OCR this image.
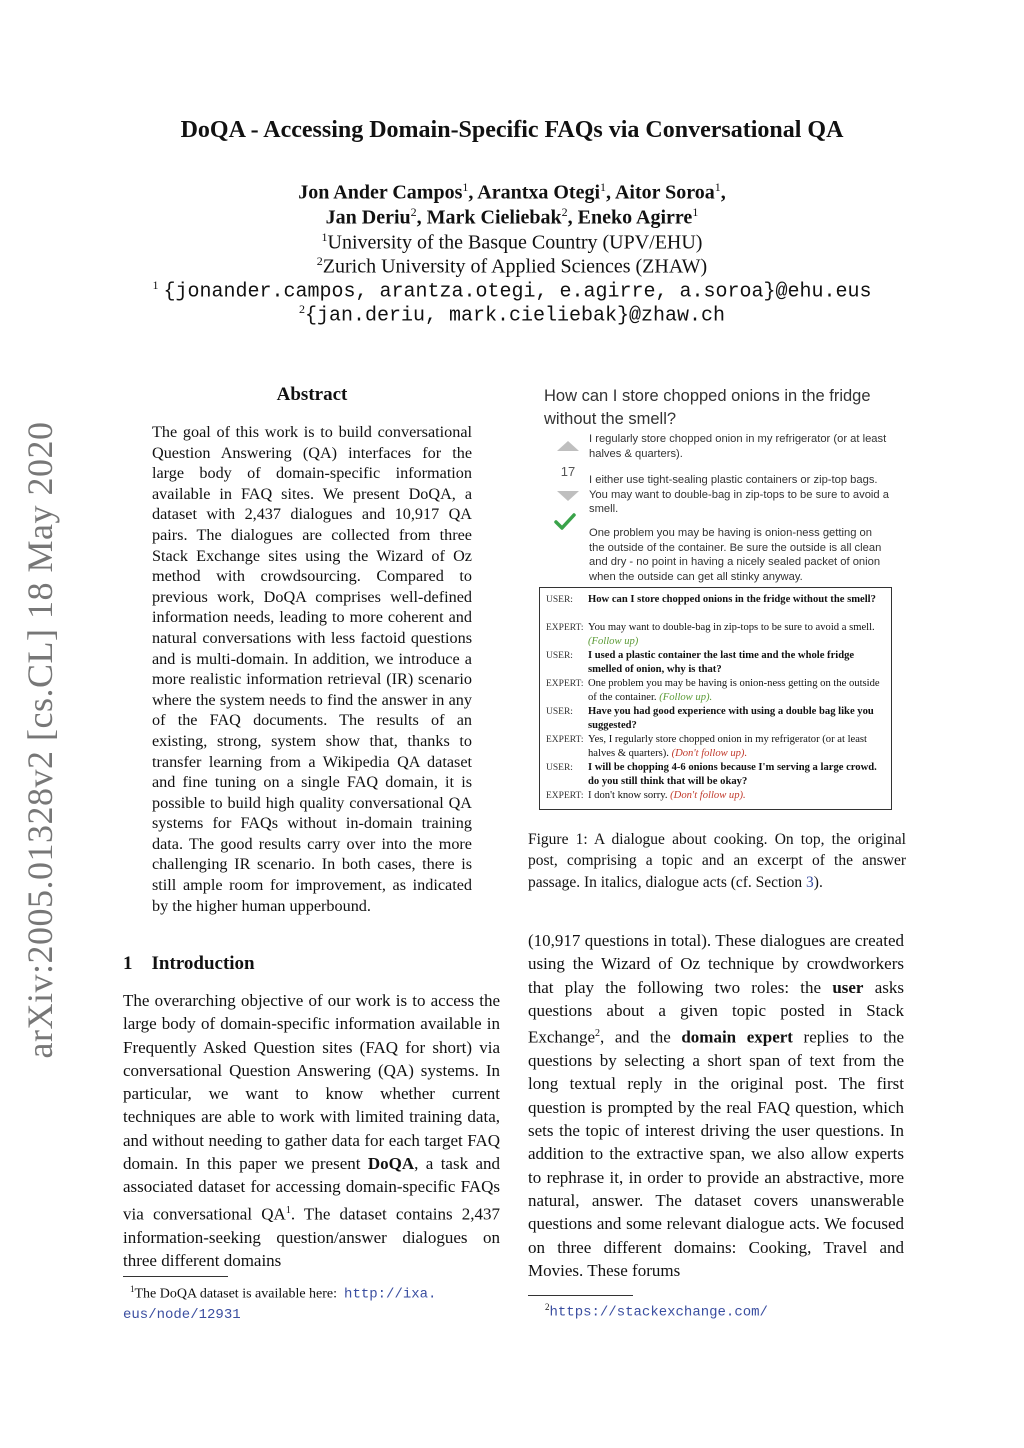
arXiv:2005.01328v2 [cs.CL] 18 May 2020
DoQA - Accessing Domain-Specific FAQs via Conversational QA
Jon Ander Campos$^1$, Arantxa Otegi$^1$, Aitor Soroa$^1$,
Jan Deriu$^2$, Mark Cieliebak$^2$, Eneko Agirre$^1$
$^1$University of the Basque Country (UPV/EHU)
$^2$Zurich University of Applied Sciences (ZHAW)
$^1$ {jonander.campos, arantza.otegi, e.agirre, a.soroa}@ehu.eus
$^2${jan.deriu, mark.cieliebak}@zhaw.ch
Abstract

The goal of this work is to build conversational Question Answering (QA) interfaces for the large body of domain-specific information available in FAQ sites. We present DoQA, a dataset with 2,437 dialogues and 10,917 QA pairs. The dialogues are collected from three Stack Exchange sites using the Wizard of Oz method with crowdsourcing. Compared to previous work, DoQA comprises well-defined information needs, leading to more coherent and natural conversations with less factoid questions and is multi-domain. In addition, we introduce a more realistic information retrieval (IR) scenario where the system needs to find the answer in any of the FAQ documents. The results of an existing, strong, system show that, thanks to transfer learning from a Wikipedia QA dataset and fine tuning on a single FAQ domain, it is possible to build high quality conversational QA systems for FAQs without in-domain training data. The good results carry over into the more challenging IR scenario. In both cases, there is still ample room for improvement, as indicated by the higher human upperbound.

1 Introduction

The overarching objective of our work is to access the large body of domain-specific information available in Frequently Asked Question sites (FAQ for short) via conversational Question Answering (QA) systems. In particular, we want to know whether current techniques are able to work with limited training data, and without needing to gather data for each target FAQ domain. In this paper we present DoQA, a task and associated dataset for accessing domain-specific FAQs via conversational $QA^1$. The dataset contains 2,437 information-seeking question/answer dialogues on three different domains

$^1$The DoQA dataset is available here: http://ixa.
eus/node/12931
How can I store chopped onions in the fridge without the smell?
17
I regularly store chopped onion in my refrigerator (or at least halves & quarters).
I either use tight-sealing plastic containers or zip-top bags. You may want to double-bag in zip-tops to be sure to avoid a smell.
One problem you may be having is onion-ness getting on the outside of the container. Be sure the outside is all clean and dry - no point in having a nicely sealed packet of onion when the outside can get all stinky anyway.
USER: How can I store chopped onions in the fridge without the smell?
EXPERT: You may want to double-bag in zip-tops to be sure to avoid a smell. (Follow up)
USER: I used a plastic container the last time and the whole fridge smelled of onion, why is that?
EXPERT: One problem you may be having is onion-ness getting on the outside of the container. (Follow up).
USER: Have you had good experience with using a double bag like you suggested?
EXPERT: Yes, I regularly store chopped onion in my refrigerator (or at least halves & quarters). (Don't follow up).
USER: I will be chopping 4-6 onions because I'm serving a large crowd. do you still think that will be okay?
EXPERT: I don't know sorry. (Don't follow up).
Figure 1: A dialogue about cooking. On top, the original post, comprising a topic and an excerpt of the answer passage. In italics, dialogue acts (cf. Section 3).

(10,917 questions in total). These dialogues are created using the Wizard of Oz technique by crowdworkers that play the following two roles: the user asks questions about a given topic posted in Stack Exchange$^2$, and the domain expert replies to the questions by selecting a short span of text from the long textual reply in the original post. The first question is prompted by the real FAQ question, which sets the topic of interest driving the user questions. In addition to the extractive span, we also allow experts to rephrase it, in order to provide an abstractive, more natural, answer. The dataset covers unanswerable questions and some relevant dialogue acts. We focused on three different domains: Cooking, Travel and Movies. These forums

$^2$https://stackexchange.com/
